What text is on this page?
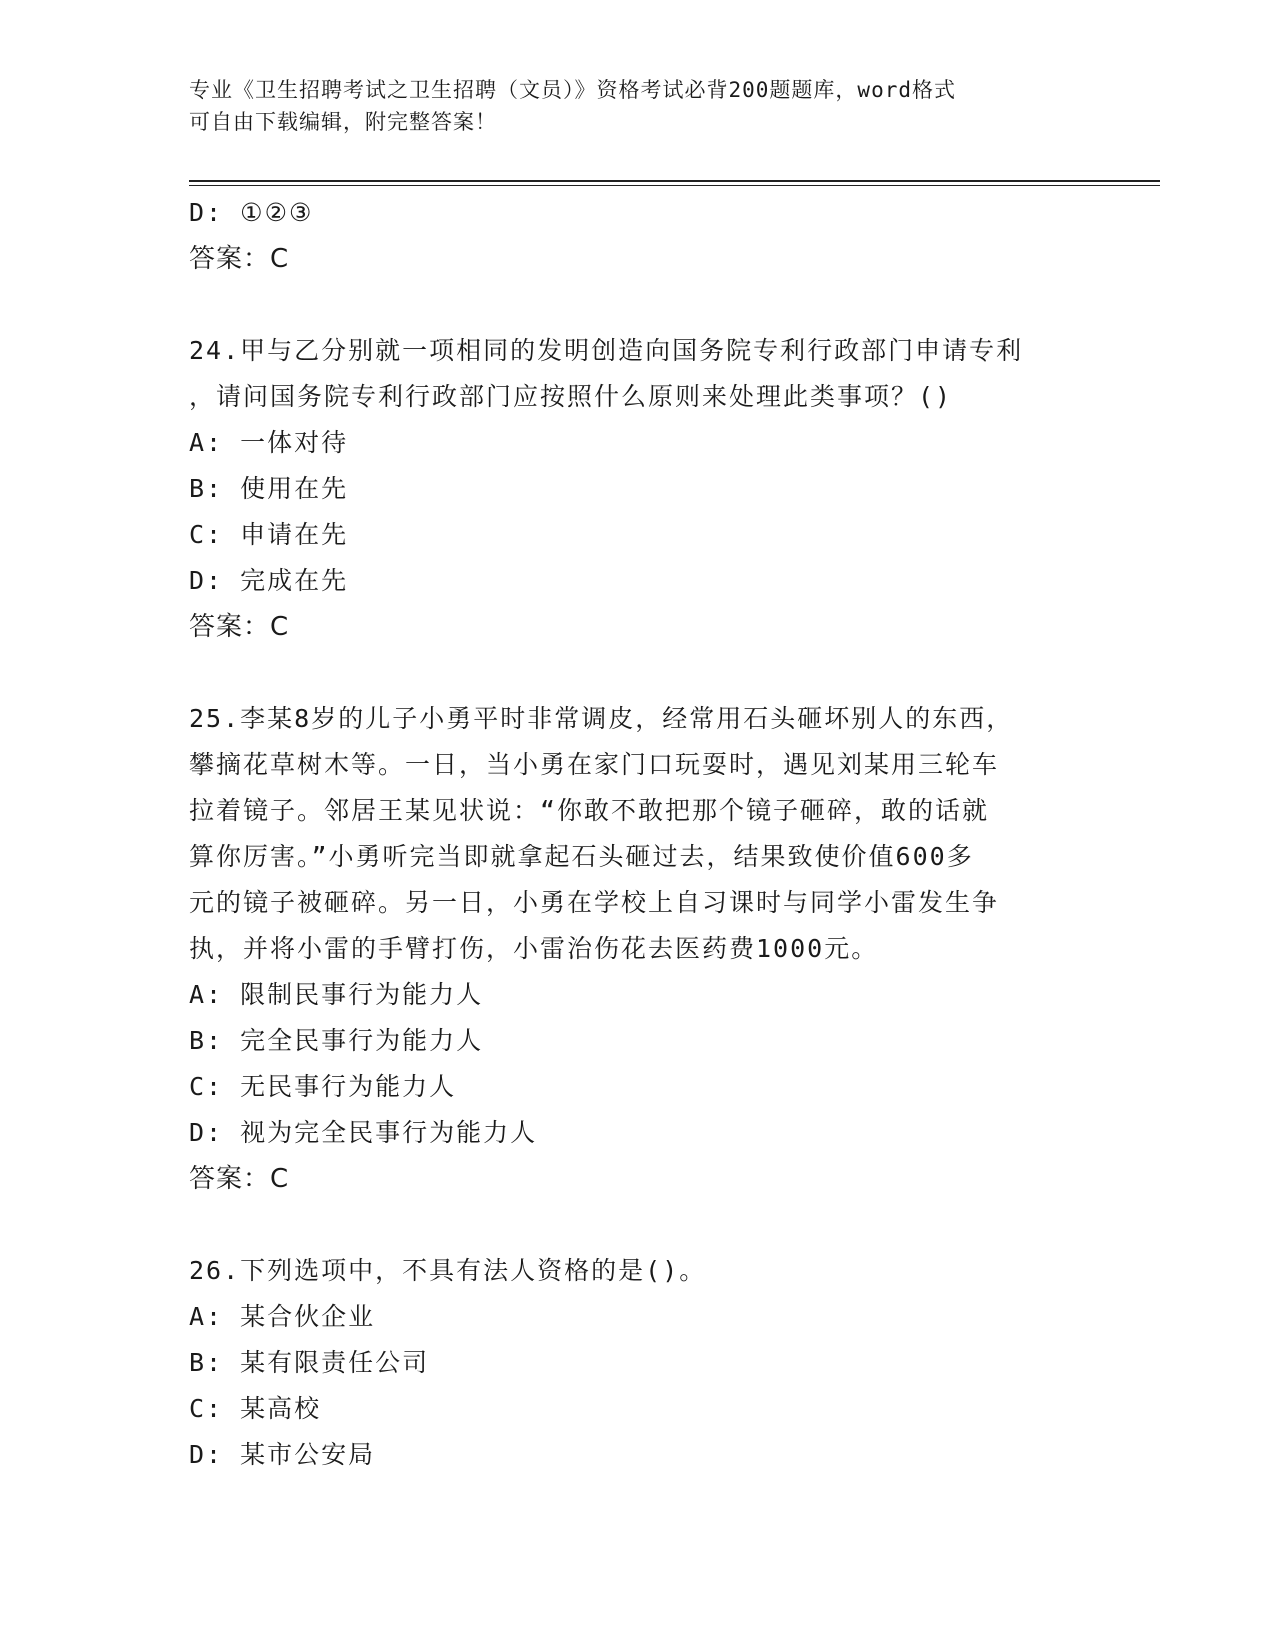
专业《卫生招聘考试之卫生招聘（文员）》资格考试必背200题题库，word格式
可自由下载编辑，附完整答案！
D: ①②③
答案：C
24.甲与乙分别就一项相同的发明创造向国务院专利行政部门申请专利
，请问国务院专利行政部门应按照什么原则来处理此类事项？()
A: 一体对待
B: 使用在先
C: 申请在先
D: 完成在先
答案：C
25.李某8岁的儿子小勇平时非常调皮，经常用石头砸坏别人的东西，
攀摘花草树木等。一日，当小勇在家门口玩耍时，遇见刘某用三轮车
拉着镜子。邻居王某见状说：“你敢不敢把那个镜子砸碎，敢的话就
算你厉害。”小勇听完当即就拿起石头砸过去，结果致使价值600多
元的镜子被砸碎。另一日，小勇在学校上自习课时与同学小雷发生争
执，并将小雷的手臂打伤，小雷治伤花去医药费1000元。
A: 限制民事行为能力人
B: 完全民事行为能力人
C: 无民事行为能力人
D: 视为完全民事行为能力人
答案：C
26.下列选项中，不具有法人资格的是()。
A: 某合伙企业
B: 某有限责任公司
C: 某高校
D: 某市公安局
